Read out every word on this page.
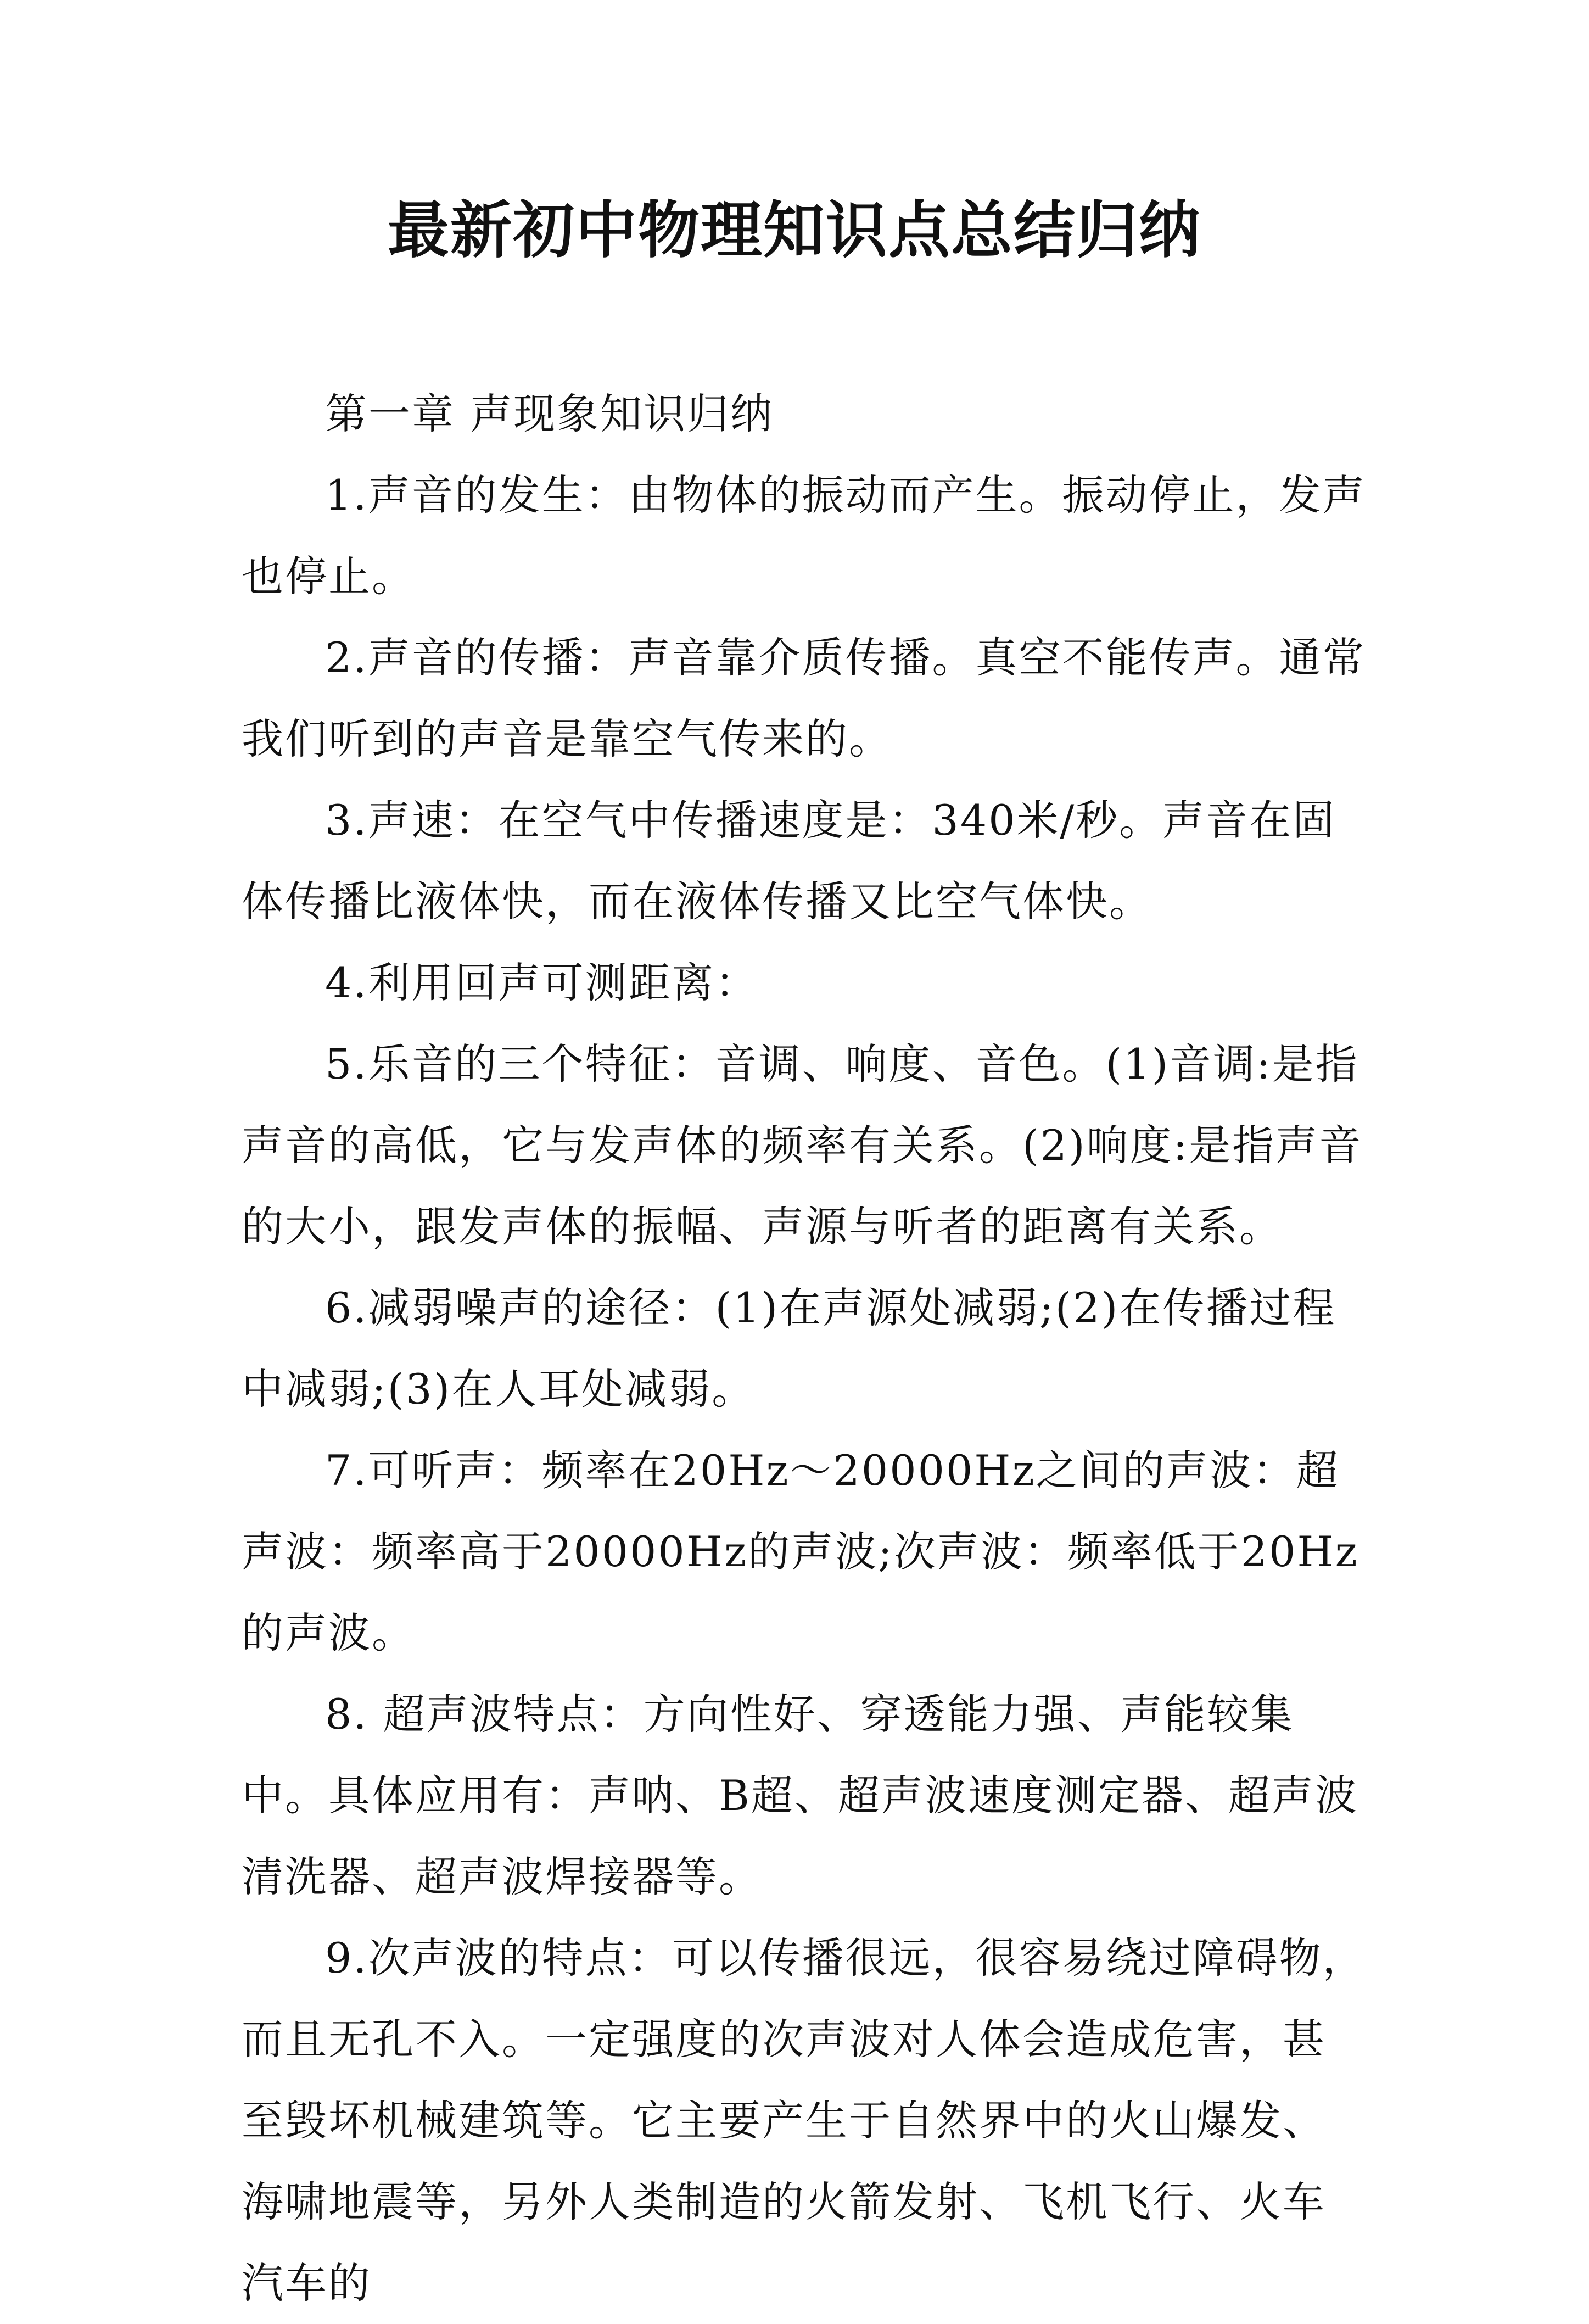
最新初中物理知识点总结归纳

第一章 声现象知识归纳

1.声音的发生：由物体的振动而产生。振动停止，发声也停止。

2.声音的传播：声音靠介质传播。真空不能传声。通常我们听到的声音是靠空气传来的。

3.声速：在空气中传播速度是：340米/秒。声音在固体传播比液体快，而在液体传播又比空气体快。

4.利用回声可测距离：

5.乐音的三个特征：音调、响度、音色。(1)音调:是指声音的高低，它与发声体的频率有关系。(2)响度:是指声音的大小，跟发声体的振幅、声源与听者的距离有关系。

6.减弱噪声的途径：(1)在声源处减弱;(2)在传播过程中减弱;(3)在人耳处减弱。

7.可听声：频率在20Hz～20000Hz之间的声波：超声波：频率高于20000Hz的声波;次声波：频率低于20Hz的声波。

8. 超声波特点：方向性好、穿透能力强、声能较集中。具体应用有：声呐、B超、超声波速度测定器、超声波清洗器、超声波焊接器等。

9.次声波的特点：可以传播很远，很容易绕过障碍物，而且无孔不入。一定强度的次声波对人体会造成危害，甚至毁坏机械建筑等。它主要产生于自然界中的火山爆发、海啸地震等，另外人类制造的火箭发射、飞机飞行、火车汽车的
